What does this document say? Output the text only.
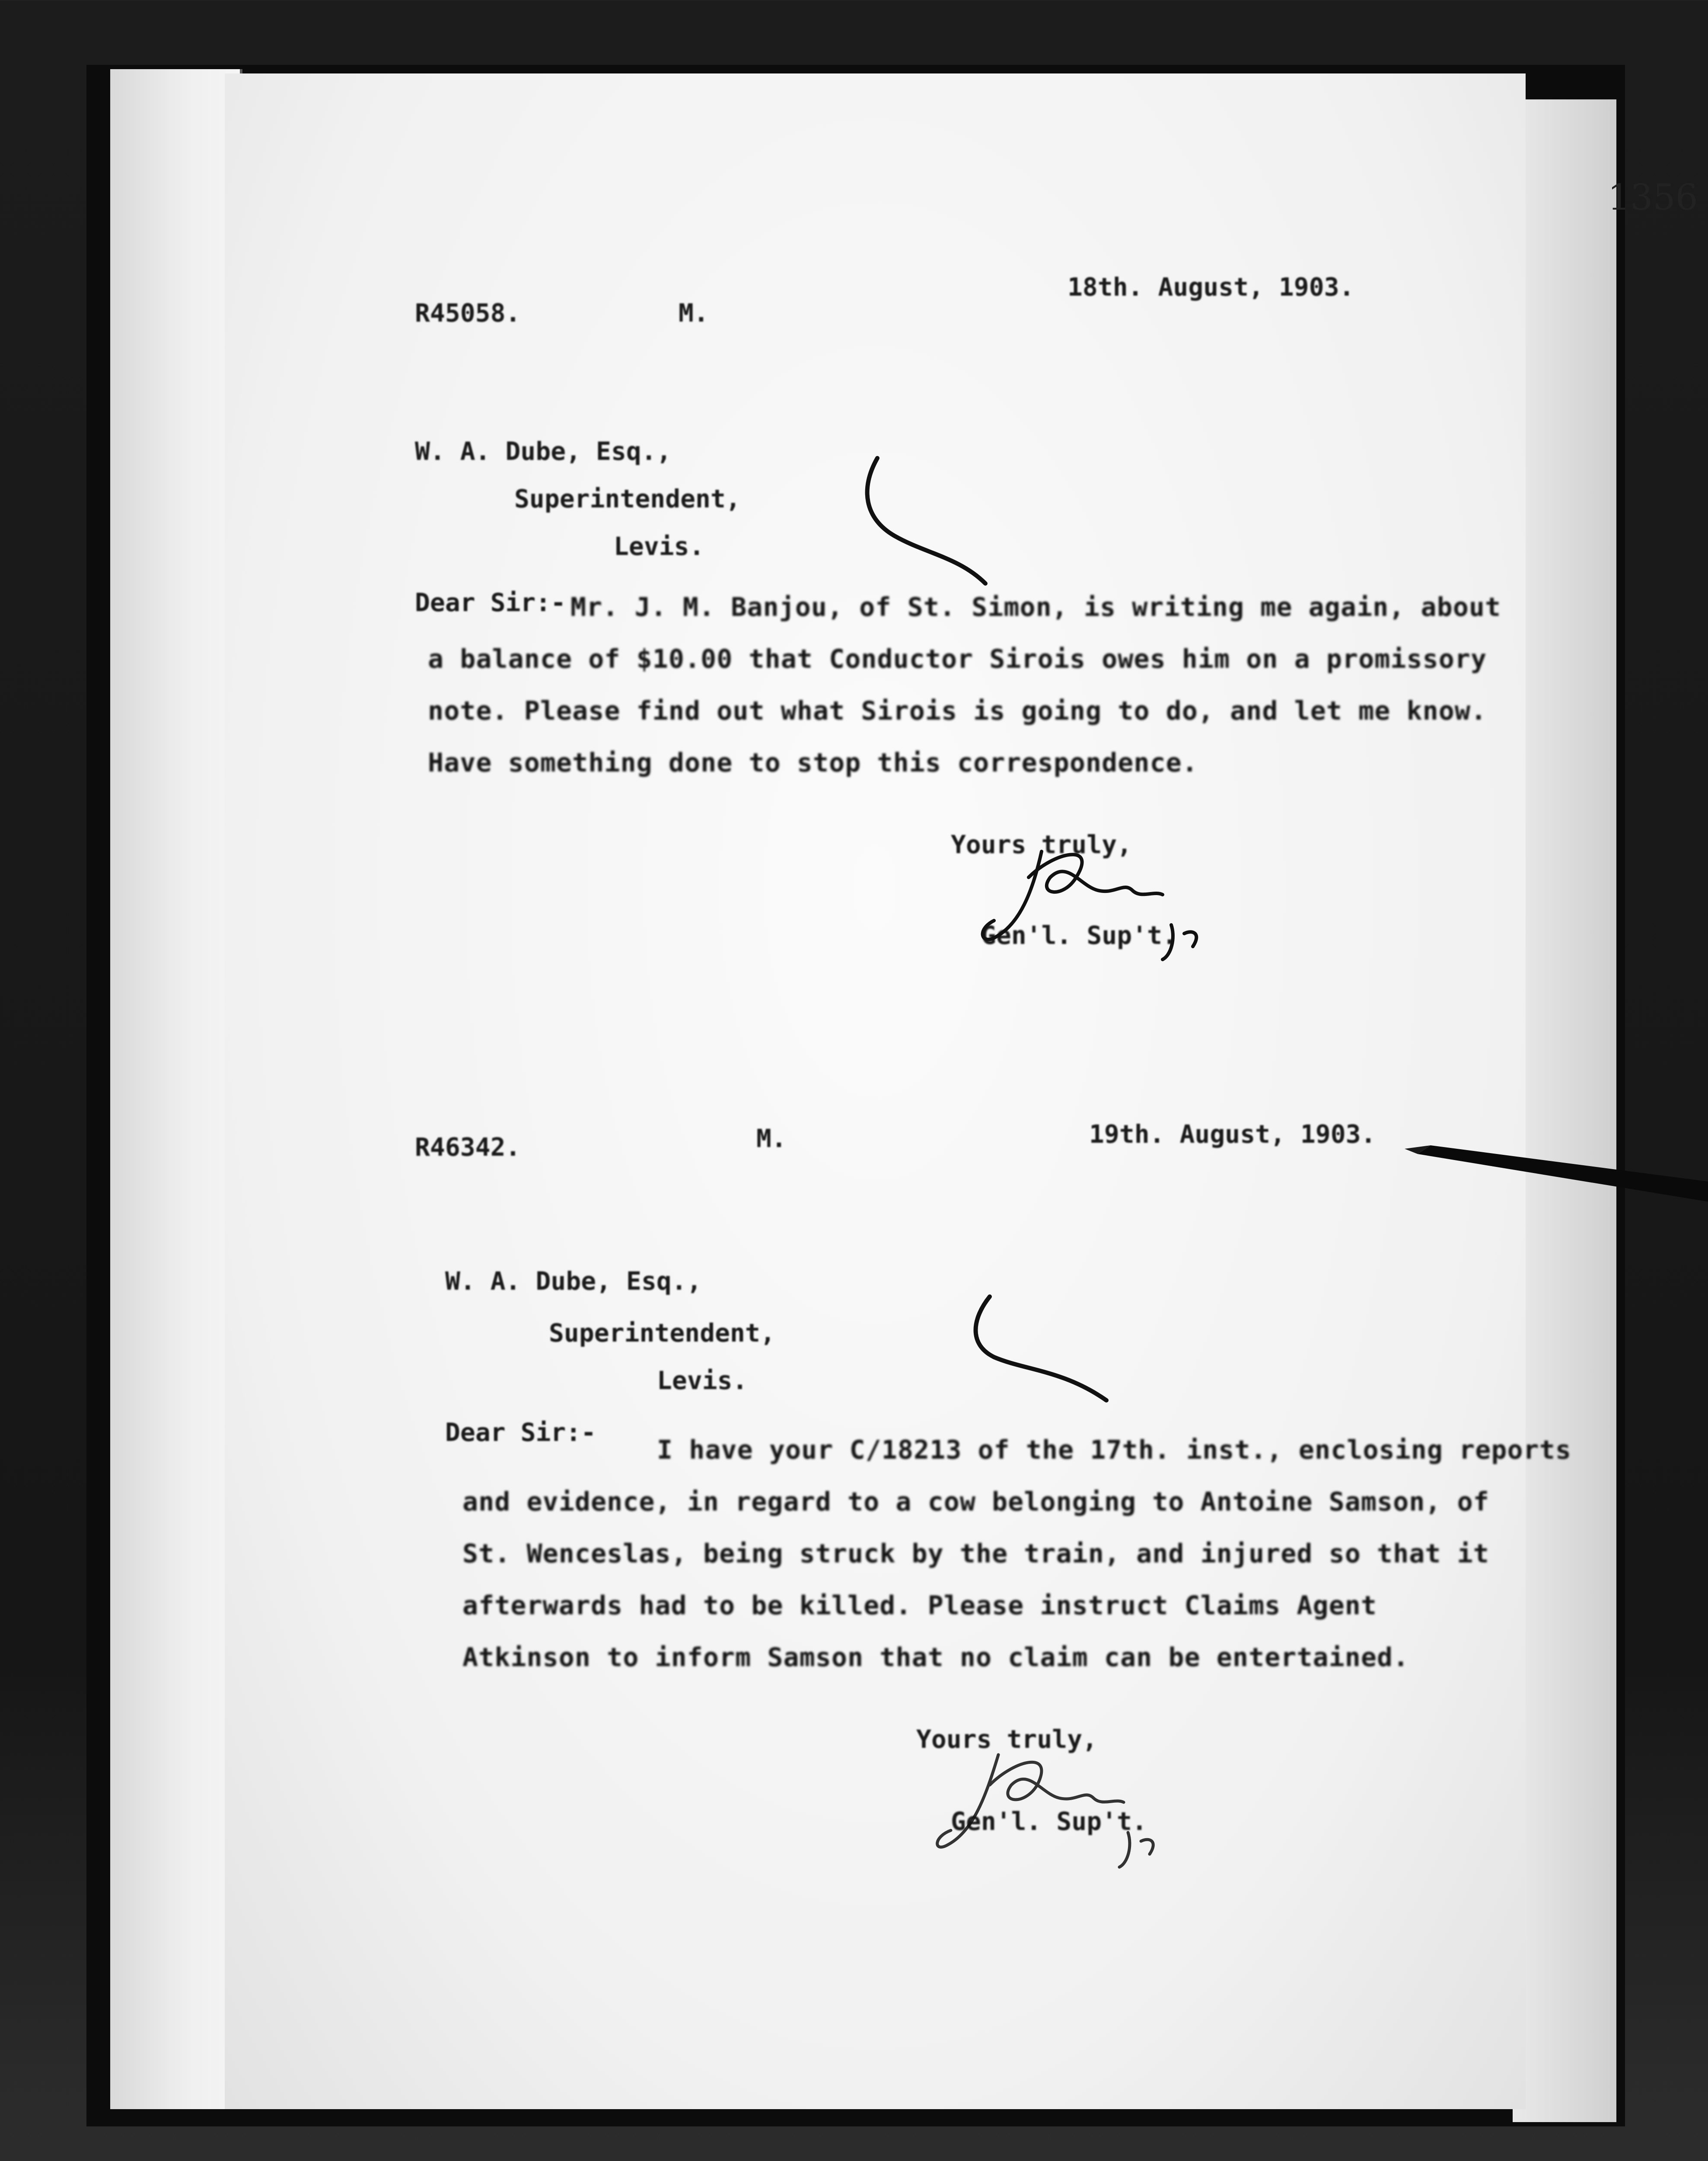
1356
R45058.	M.
18th. August, 1903.
W. A. Dube, Esq.,
Superintendent,
Levis.
Dear Sir:- Mr. J. M. Banjou, of St. Simon, is writing me again, about
a balance of $10.00 that Conductor Sirois owes him on a promissory
note. Please find out what Sirois is going to do, and let me know.
Have something done to stop this correspondence.
Yours truly,
Gen'l. Sup't.
R46342.	M.	19th. August, 1903.
W. A. Dube, Esq.,
Superintendent,
Levis.
Dear Sir:-
I have your C/18213 of the 17th. inst., enclosing reports
and evidence, in regard to a cow belonging to Antoine Samson, of
St. Wenceslas, being struck by the train, and injured so that it
afterwards had to be killed. Please instruct Claims Agent
Atkinson to inform Samson that no claim can be entertained.
Yours truly,
Gen'l. Sup't.
